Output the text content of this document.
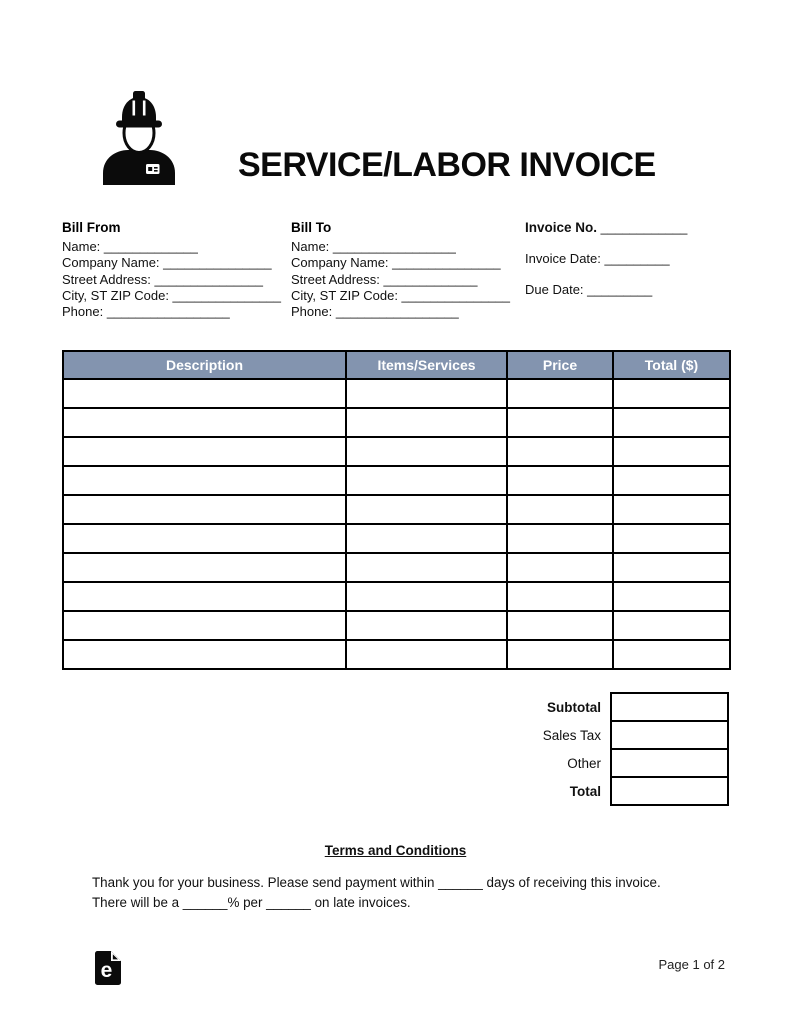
SERVICE/LABOR INVOICE
Bill From
Name: _____________
Company Name: _______________
Street Address: _______________
City, ST ZIP Code: _______________
Phone: _________________
Bill To
Name: _________________
Company Name: _______________
Street Address: _____________
City, ST ZIP Code: _______________
Phone: _________________
Invoice No. ____________
Invoice Date: _________
Due Date: _________
Description	Items/Services	Price	Total ($)

Subtotal
Sales Tax
Other
Total
Terms and Conditions
Thank you for your business. Please send payment within ______ days of receiving this invoice. There will be a ______% per ______ on late invoices.
e	Page 1 of 2
